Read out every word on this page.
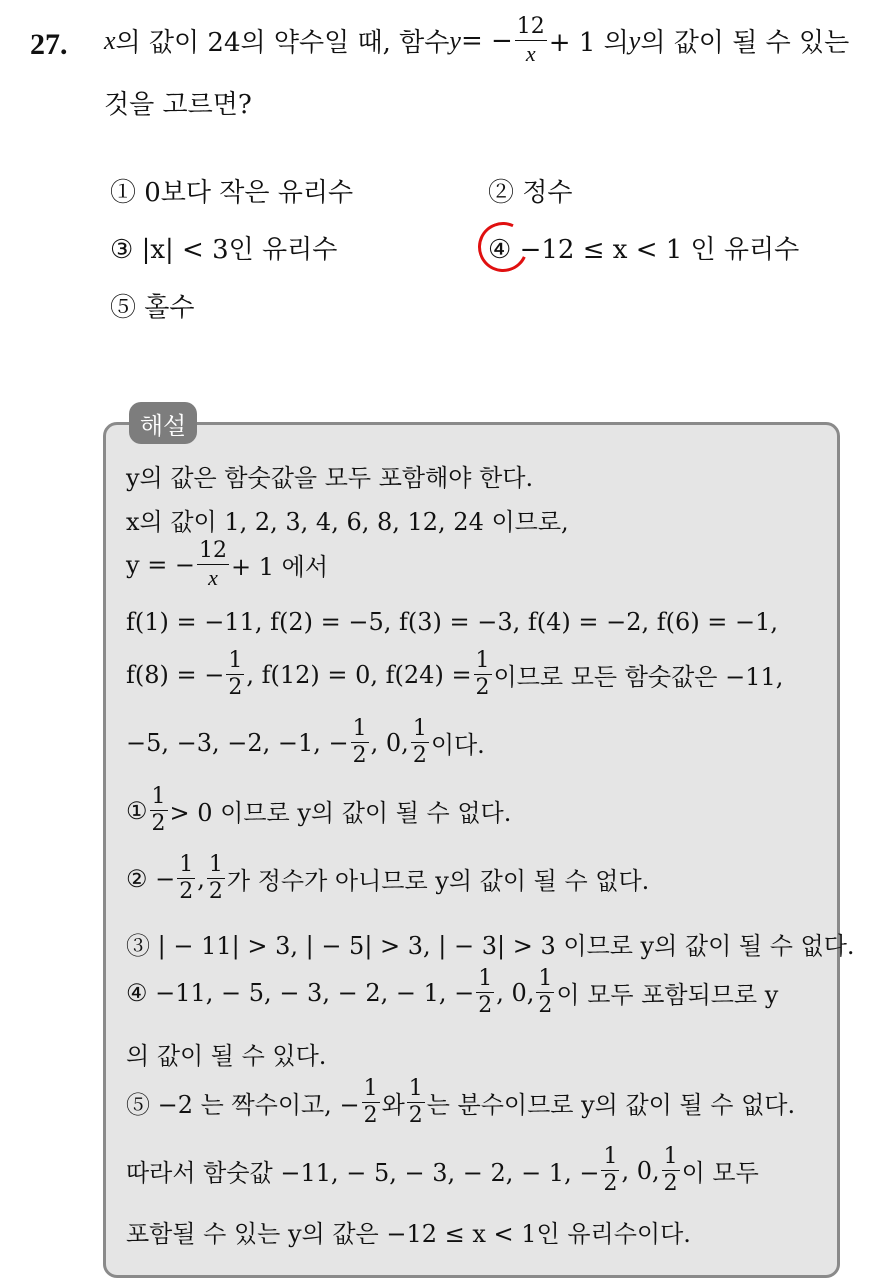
27. x 의 값이 24의 약수일 때, 함수 y = − $\frac{12}{x} + 1$ 의 y 의 값이 될 수 있는
것을 고르면?
① 0보다 작은 유리수	② 정수
③ |x| < 3인 유리수	④ −12 ≤ x < 1 인 유리수
⑤ 홀수
해설
y의 값은 함숫값을 모두 포함해야 한다.
x의 값이 1, 2, 3, 4, 6, 8, 12, 24 이므로,
y = − $\frac{12}{x} + 1$ 에서
f(1) = −11, f(2) = −5, f(3) = −3, f(4) = −2, f(6) = −1,
f(8) = − $\frac{1}{2}$ , f(12) = 0, $f(24) = \frac{1}{2}$ 이므로 모든 함숫값은 −11,
−5, −3, −2, −1, − $\frac{1}{2}$ , 0, $\frac{1}{2}$ 이다.
① $\frac{1}{2} > 0$ 이므로 y의 값이 될 수 없다.
② − $\frac{1}{2}$ , $\frac{1}{2}$ 가 정수가 아니므로 y의 값이 될 수 없다.
③ | − 11| > 3, | − 5| > 3, | − 3| > 3 이므로 y의 값이 될 수 없다.
④ −11, − 5, − 3, − 2, − 1, − $\frac{1}{2}$ , 0, $\frac{1}{2}$ 이 모두 포함되므로 y
의 값이 될 수 있다.
⑤ −2 는 짝수이고, − $\frac{1}{2}$ 와 $\frac{1}{2}$ 는 분수이므로 y의 값이 될 수 없다.
따라서 함숫값 −11, − 5, − 3, − 2, − 1, − $\frac{1}{2}$ , 0, $\frac{1}{2}$ 이 모두
포함될 수 있는 y의 값은 −12 ≤ x < 1인 유리수이다.
